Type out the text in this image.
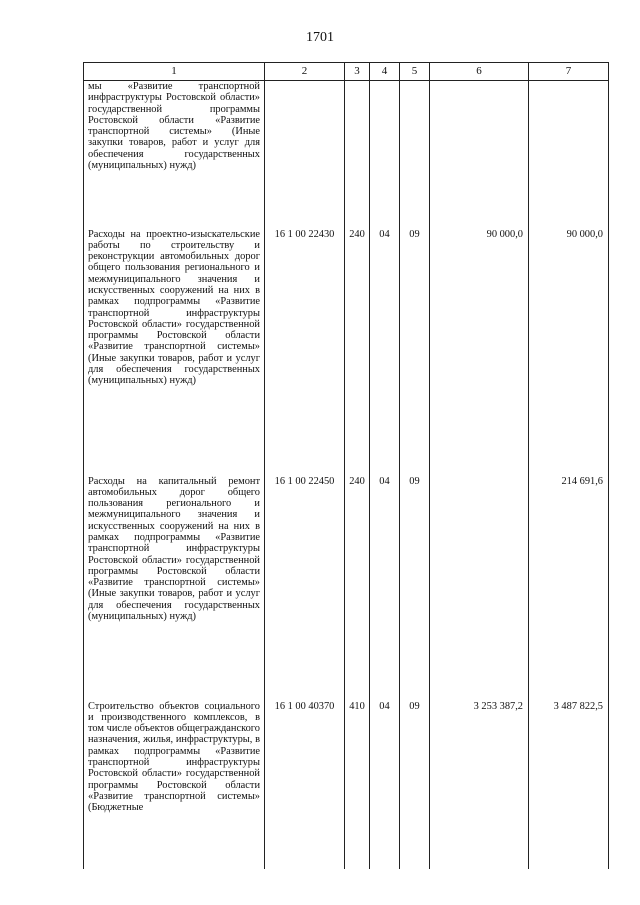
1701
1	2	3	4	5	6	7
мы «Развитие транспортной инфраструктуры Ростовской области» государственной программы Ростовской области «Развитие транспортной системы» (Иные закупки товаров, работ и услуг для обеспечения государственных (муниципальных) нужд)						
Расходы на проектно-изыскательские работы по строительству и реконструкции автомобильных дорог общего пользования регионального и межмуниципального значения и искусственных сооружений на них в рамках подпрограммы «Развитие транспортной инфраструктуры Ростовской области» государственной программы Ростовской области «Развитие транспортной системы» (Иные закупки товаров, работ и услуг для обеспечения государственных (муниципальных) нужд)	16 1 00 22430	240	04	09	90 000,0	90 000,0
Расходы на капитальный ремонт автомобильных дорог общего пользования регионального и межмуниципального значения и искусственных сооружений на них в рамках подпрограммы «Развитие транспортной инфраструктуры Ростовской области» государственной программы Ростовской области «Развитие транспортной системы» (Иные закупки товаров, работ и услуг для обеспечения государственных (муниципальных) нужд)	16 1 00 22450	240	04	09		214 691,6
Строительство объектов социального и производственного комплексов, в том числе объектов общегражданского назначения, жилья, инфраструктуры, в рамках подпрограммы «Развитие транспортной инфраструктуры Ростовской области» государственной программы Ростовской области «Развитие транспортной системы» (Бюджетные	16 1 00 40370	410	04	09	3 253 387,2	3 487 822,5
